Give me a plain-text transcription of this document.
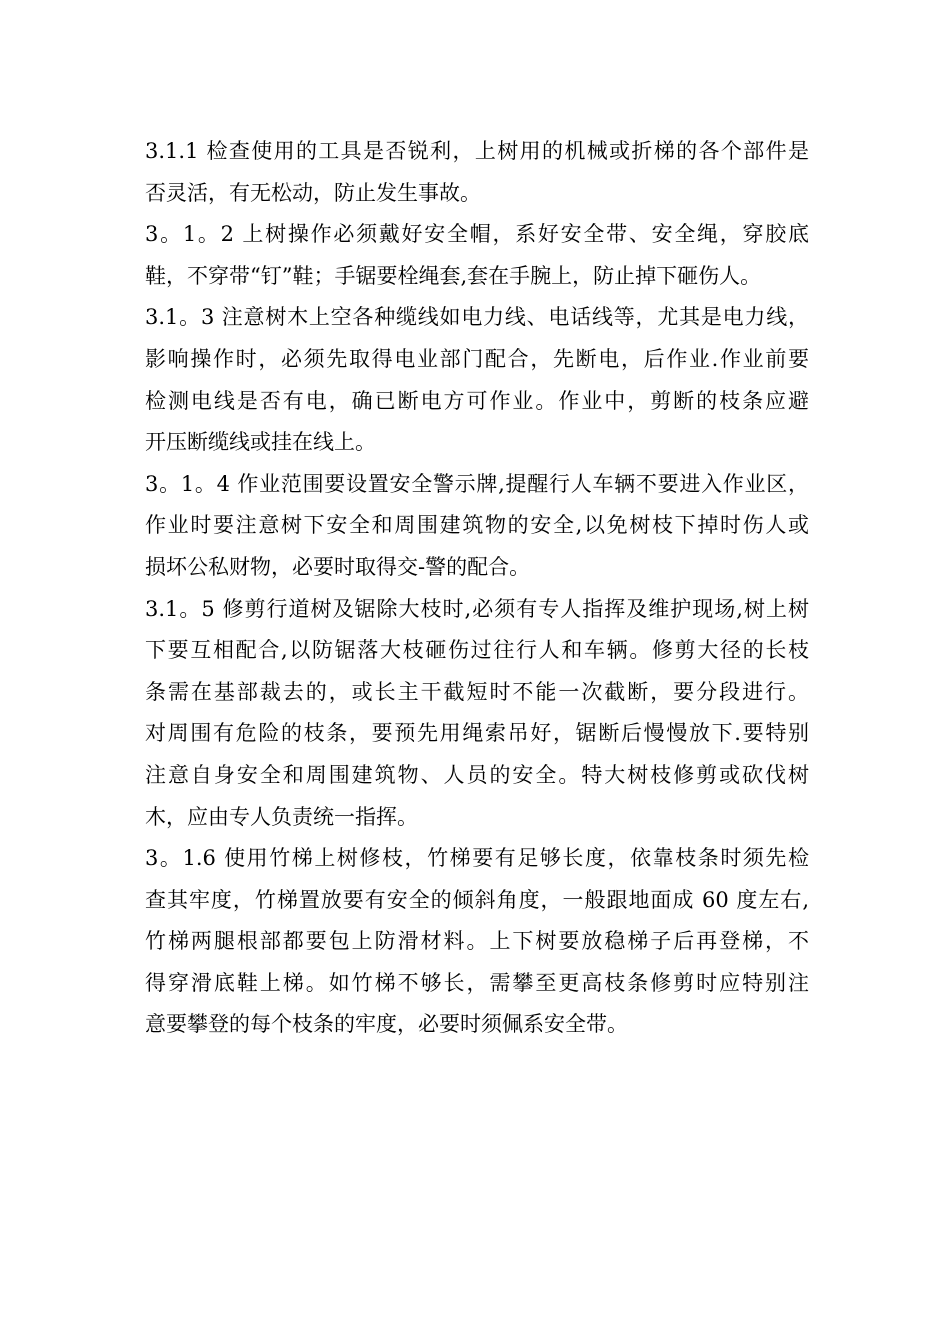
3.1.1 检查使用的工具是否锐利，上树用的机械或折梯的各个部件是
否灵活，有无松动，防止发生事故。
3。1。2 上树操作必须戴好安全帽，系好安全带、安全绳，穿胶底
鞋，不穿带“钉”鞋；手锯要栓绳套,套在手腕上，防止掉下砸伤人。
3.1。3 注意树木上空各种缆线如电力线、电话线等，尤其是电力线，
影响操作时，必须先取得电业部门配合，先断电，后作业.作业前要
检测电线是否有电，确已断电方可作业。作业中，剪断的枝条应避
开压断缆线或挂在线上。
3。1。4 作业范围要设置安全警示牌,提醒行人车辆不要进入作业区，
作业时要注意树下安全和周围建筑物的安全,以免树枝下掉时伤人或
损坏公私财物，必要时取得交-警的配合。
3.1。5 修剪行道树及锯除大枝时,必须有专人指挥及维护现场,树上树
下要互相配合,以防锯落大枝砸伤过往行人和车辆。修剪大径的长枝
条需在基部裁去的，或长主干截短时不能一次截断，要分段进行。
对周围有危险的枝条，要预先用绳索吊好，锯断后慢慢放下.要特别
注意自身安全和周围建筑物、人员的安全。特大树枝修剪或砍伐树
木，应由专人负责统一指挥。
3。1.6 使用竹梯上树修枝，竹梯要有足够长度，依靠枝条时须先检
查其牢度，竹梯置放要有安全的倾斜角度，一般跟地面成 60 度左右,
竹梯两腿根部都要包上防滑材料。上下树要放稳梯子后再登梯，不
得穿滑底鞋上梯。如竹梯不够长，需攀至更高枝条修剪时应特别注
意要攀登的每个枝条的牢度，必要时须佩系安全带。
